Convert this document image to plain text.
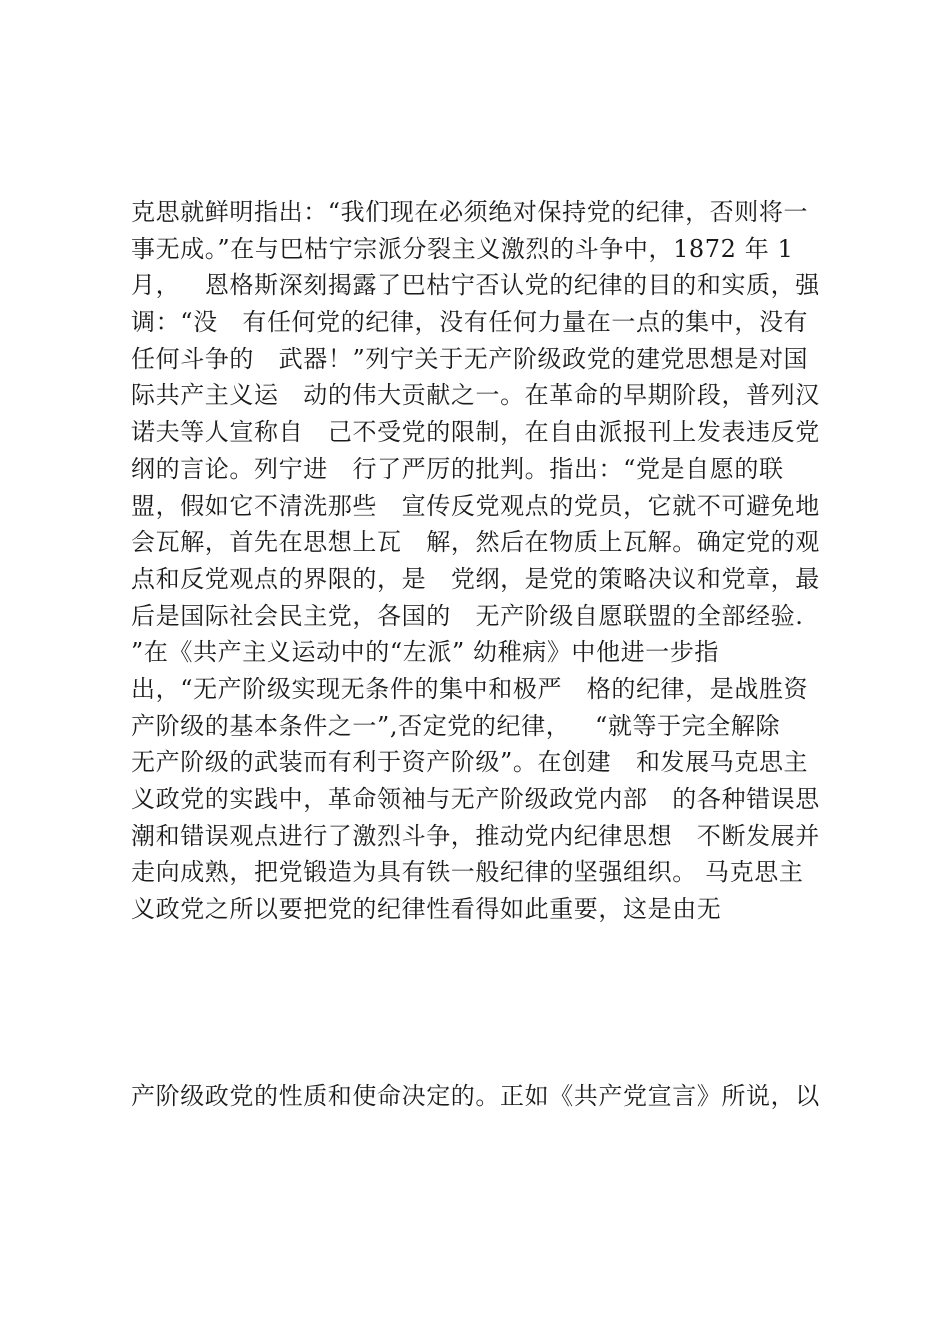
克思就鲜明指出：“我们现在必须绝对保持党的纪律，否则将一
事无成。”在与巴枯宁宗派分裂主义激烈的斗争中，1872 年 1
月，   恩格斯深刻揭露了巴枯宁否认党的纪律的目的和实质，强
调：“没   有任何党的纪律，没有任何力量在一点的集中，没有
任何斗争的   武器！”列宁关于无产阶级政党的建党思想是对国
际共产主义运   动的伟大贡献之一。在革命的早期阶段，普列汉
诺夫等人宣称自   己不受党的限制，在自由派报刊上发表违反党
纲的言论。列宁进   行了严厉的批判。指出：“党是自愿的联
盟，假如它不清洗那些   宣传反党观点的党员，它就不可避免地
会瓦解，首先在思想上瓦   解，然后在物质上瓦解。确定党的观
点和反党观点的界限的，是   党纲，是党的策略决议和党章，最
后是国际社会民主党，各国的   无产阶级自愿联盟的全部经验.
”在《共产主义运动中的“左派” 幼稚病》中他进一步指
出，“无产阶级实现无条件的集中和极严   格的纪律，是战胜资
产阶级的基本条件之一”,否定党的纪律，   “就等于完全解除
无产阶级的武装而有利于资产阶级”。在创建   和发展马克思主
义政党的实践中，革命领袖与无产阶级政党内部   的各种错误思
潮和错误观点进行了激烈斗争，推动党内纪律思想   不断发展并
走向成熟，把党锻造为具有铁一般纪律的坚强组织。 马克思主
义政党之所以要把党的纪律性看得如此重要，这是由无
产阶级政党的性质和使命决定的。正如《共产党宣言》所说，以
